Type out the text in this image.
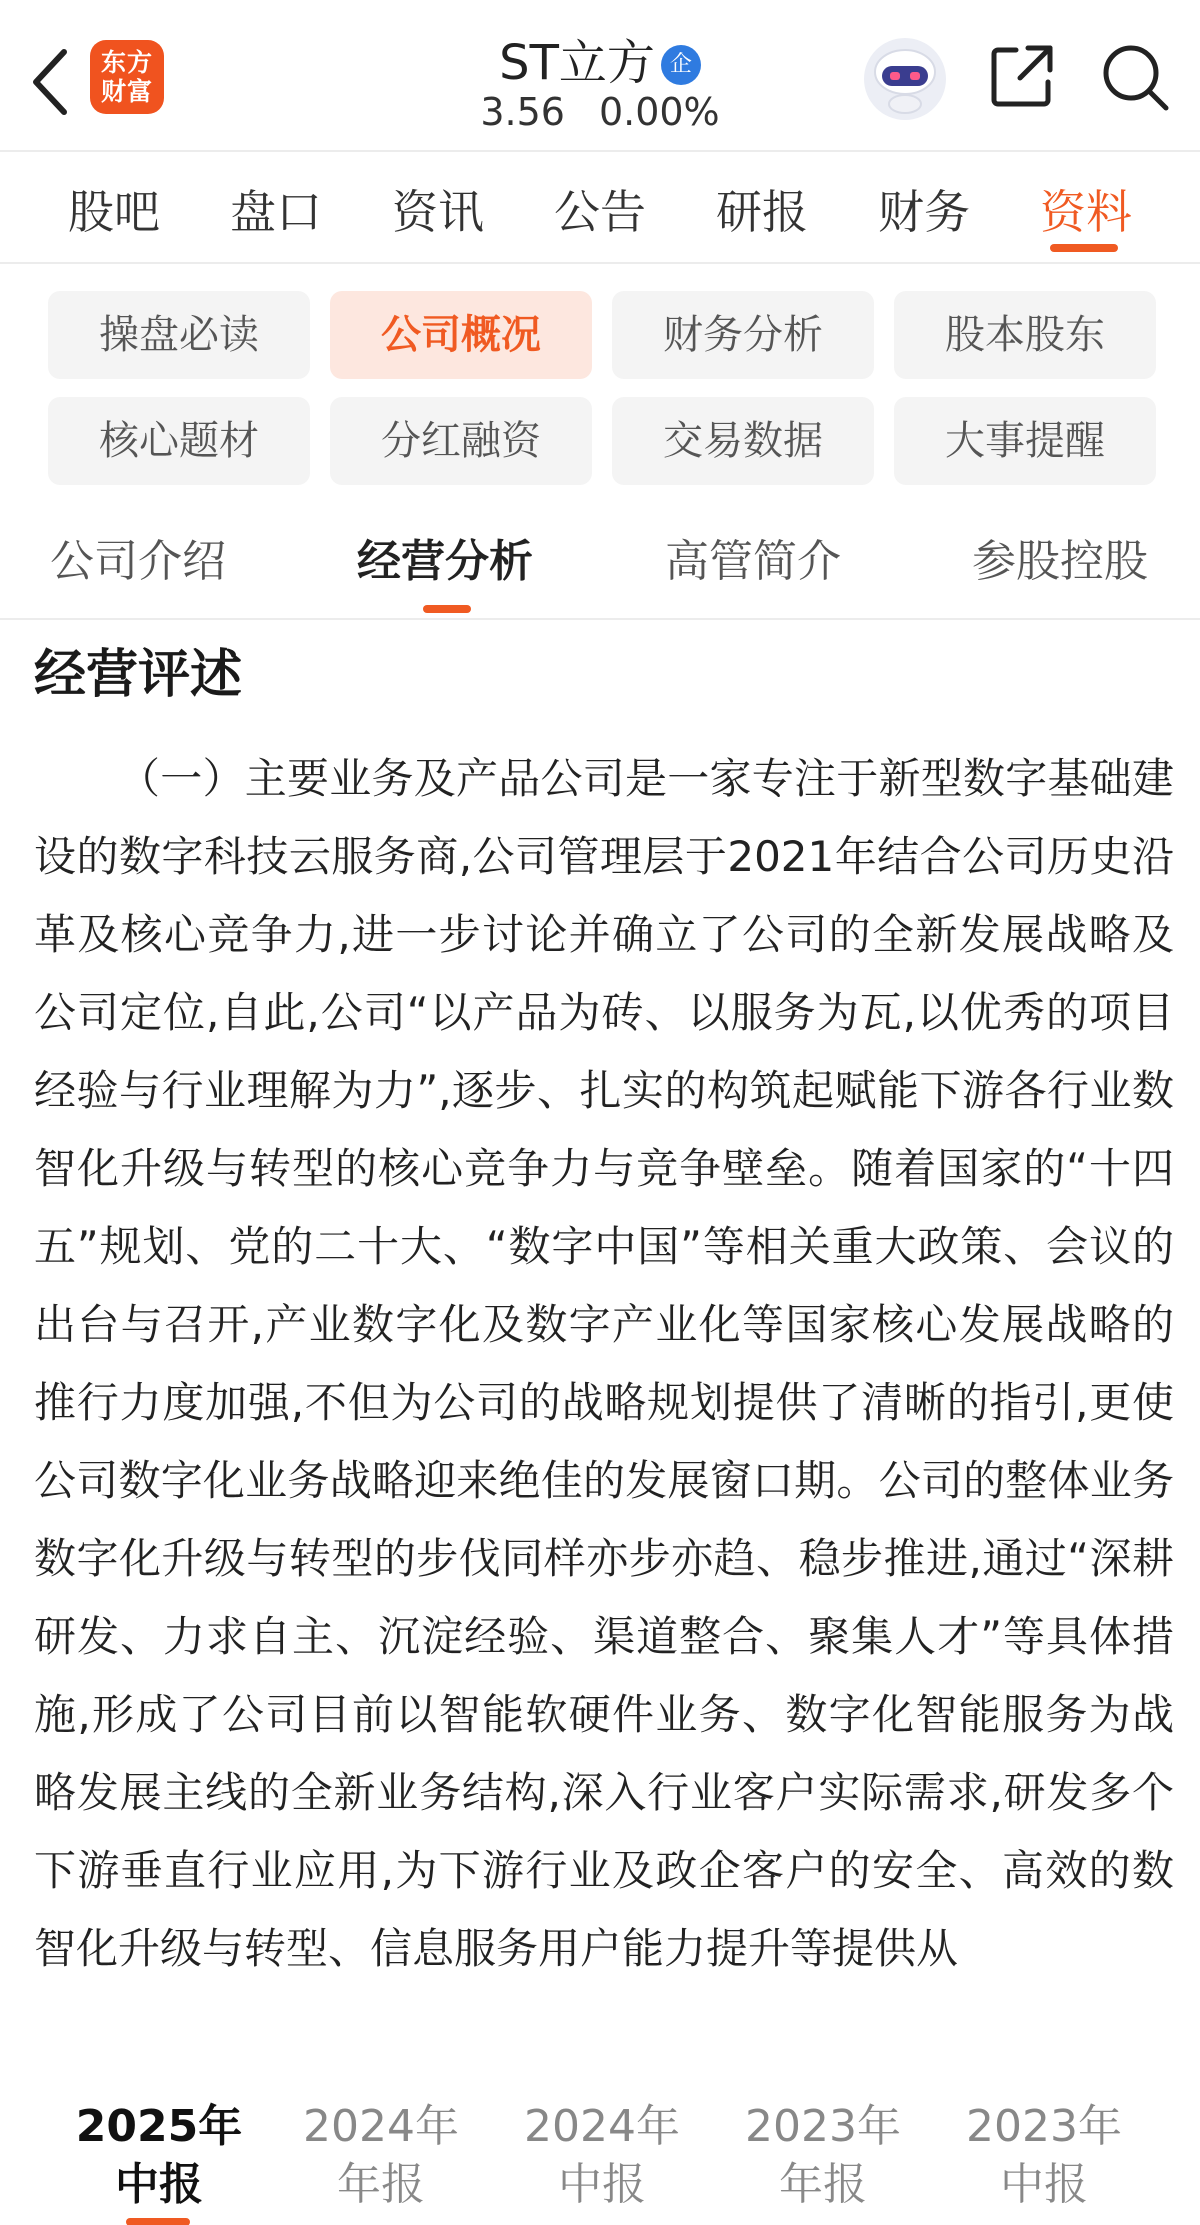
东方
财富
ST立方 企
3.56 0.00%
股吧	盘口	资讯	公告	研报	财务	资料
操盘必读	公司概况	财务分析	股本股东
核心题材	分红融资	交易数据	大事提醒
公司介绍	经营分析	高管简介	参股控股
经营评述
（一）主要业务及产品公司是一家专注于新型数字基础建设的数字科技云服务商,公司管理层于2021年结合公司历史沿革及核心竞争力,进一步讨论并确立了公司的全新发展战略及公司定位,自此,公司“以产品为砖、以服务为瓦,以优秀的项目经验与行业理解为力”,逐步、扎实的构筑起赋能下游各行业数智化升级与转型的核心竞争力与竞争壁垒。随着国家的“十四五”规划、党的二十大、“数字中国”等相关重大政策、会议的出台与召开,产业数字化及数字产业化等国家核心发展战略的推行力度加强,不但为公司的战略规划提供了清晰的指引,更使公司数字化业务战略迎来绝佳的发展窗口期。公司的整体业务数字化升级与转型的步伐同样亦步亦趋、稳步推进,通过“深耕研发、力求自主、沉淀经验、渠道整合、聚集人才”等具体措施,形成了公司目前以智能软硬件业务、数字化智能服务为战略发展主线的全新业务结构,深入行业客户实际需求,研发多个下游垂直行业应用,为下游行业及政企客户的安全、高效的数智化升级与转型、信息服务用户能力提升等提供从
2025年
中报
2024年
年报
2024年
中报
2023年
年报
2023年
中报
